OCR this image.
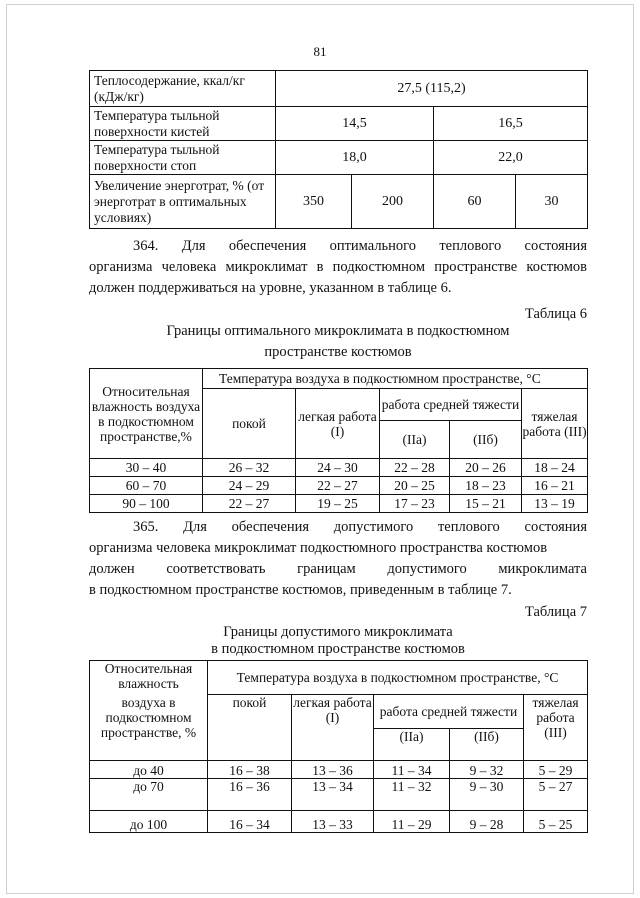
81
Теплосодержание, ккал/кг (кДж/кг)	27,5 (115,2)			
Температура тыльной поверхности кистей	14,5		16,5	
Температура тыльной поверхности стоп	18,0		22,0	
Увеличение энерготрат, % (от энерготрат в оптимальных условиях)	350	200	60	30
364. Для обеспечения оптимального теплового состояния
организма человека микроклимат в подкостюмном пространстве костюмов должен поддерживаться на уровне, указанном в таблице 6.
Таблица 6
Границы оптимального микроклимата в подкостюмном
пространстве костюмов
Относительная влажность воздуха в подкостюмном пространстве,%	Температура воздуха в подкостюмном пространстве, °С				
	покой	легкая работа (I)	работа средней тяжести		тяжелая работа (III)
			(IIа)	(IIб)	
30 – 40	26 – 32	24 – 30	22 – 28	20 – 26	18 – 24
60 – 70	24 – 29	22 – 27	20 – 25	18 – 23	16 – 21
90 – 100	22 – 27	19 – 25	17 – 23	15 – 21	13 – 19
365. Для обеспечения допустимого теплового состояния
организма человека микроклимат подкостюмного пространства костюмов
должен соответствовать границам допустимого микроклимата
в подкостюмном пространстве костюмов, приведенным в таблице 7.
Таблица 7
Границы допустимого микроклимата
в подкостюмном пространстве костюмов
Относительная влажность	Температура воздуха в подкостюмном пространстве, °С				
воздуха в подкостюмном пространстве, %	покой	легкая работа (I)	работа средней тяжести		тяжелая работа (III)
			(IIа)	(IIб)	
до 40	16 – 38	13 – 36	11 – 34	9 – 32	5 – 29
до 70	16 – 36	13 – 34	11 – 32	9 – 30	5 – 27
до 100	16 – 34	13 – 33	11 – 29	9 – 28	5 – 25
